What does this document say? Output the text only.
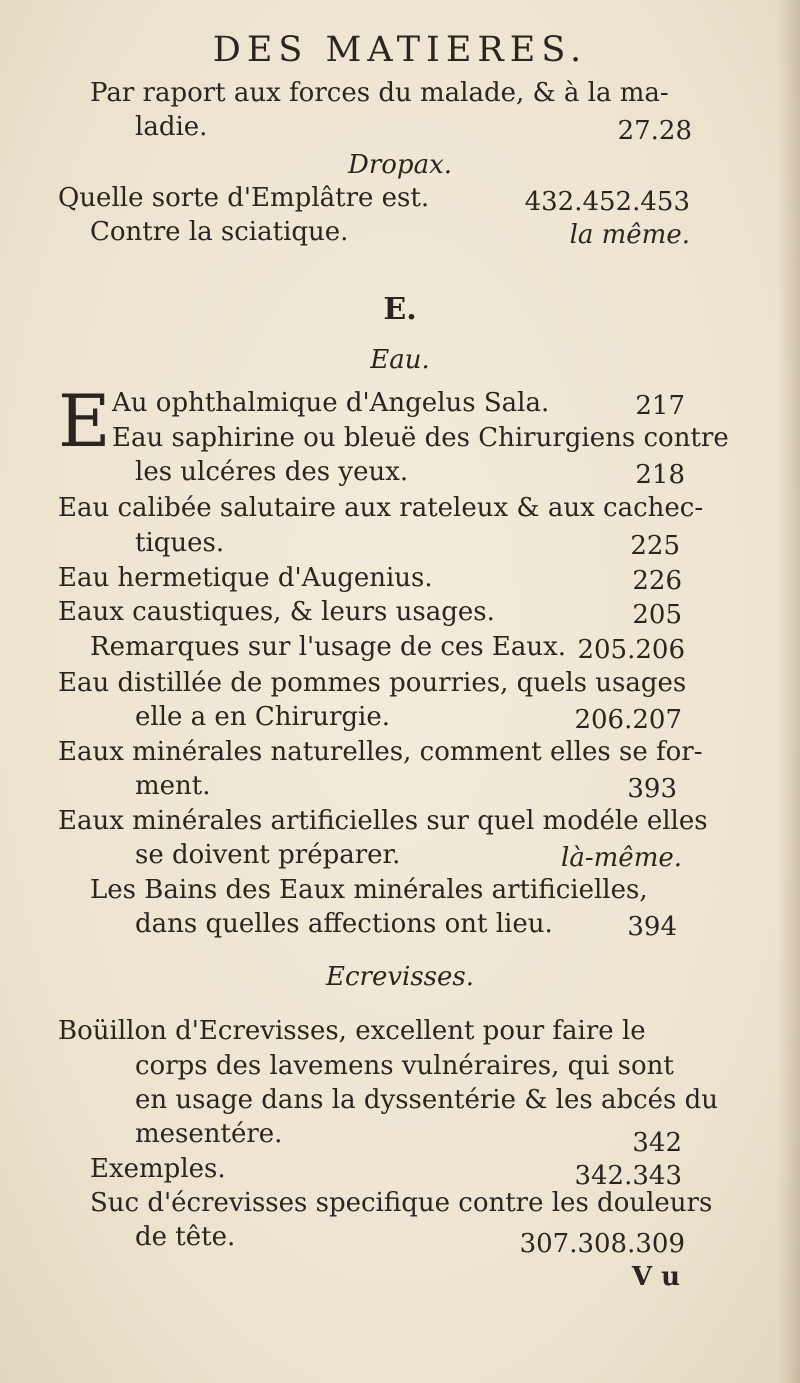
DES MATIERES.
Par raport aux forces du malade, & à la ma-
ladie.	27.28
Dropax.
Quelle sorte d'Emplâtre est.	432.452.453
Contre la sciatique.	la même.
E.
Eau.
E Au ophthalmique d'Angelus Sala.	217
Eau saphirine ou bleuë des Chirurgiens contre
les ulcéres des yeux.	218
Eau calibée salutaire aux rateleux & aux cachec-
tiques.	225
Eau hermetique d'Augenius.	226
Eaux caustiques, & leurs usages.	205
Remarques sur l'usage de ces Eaux. 205.206
Eau distillée de pommes pourries, quels usages
elle a en Chirurgie.	206.207
Eaux minérales naturelles, comment elles se for-
ment.	393
Eaux minérales artificielles sur quel modéle elles
se doivent préparer.	là-même.
Les Bains des Eaux minérales artificielles,
dans quelles affections ont lieu.	394
Ecrevisses.
Boüillon d'Ecrevisses, excellent pour faire le
corps des lavemens vulnéraires, qui sont
en usage dans la dyssentérie & les abcés du
mesentére.	342
Exemples.	342.343
Suc d'écrevisses specifique contre les douleurs
de tête.	307.308.309
V u
